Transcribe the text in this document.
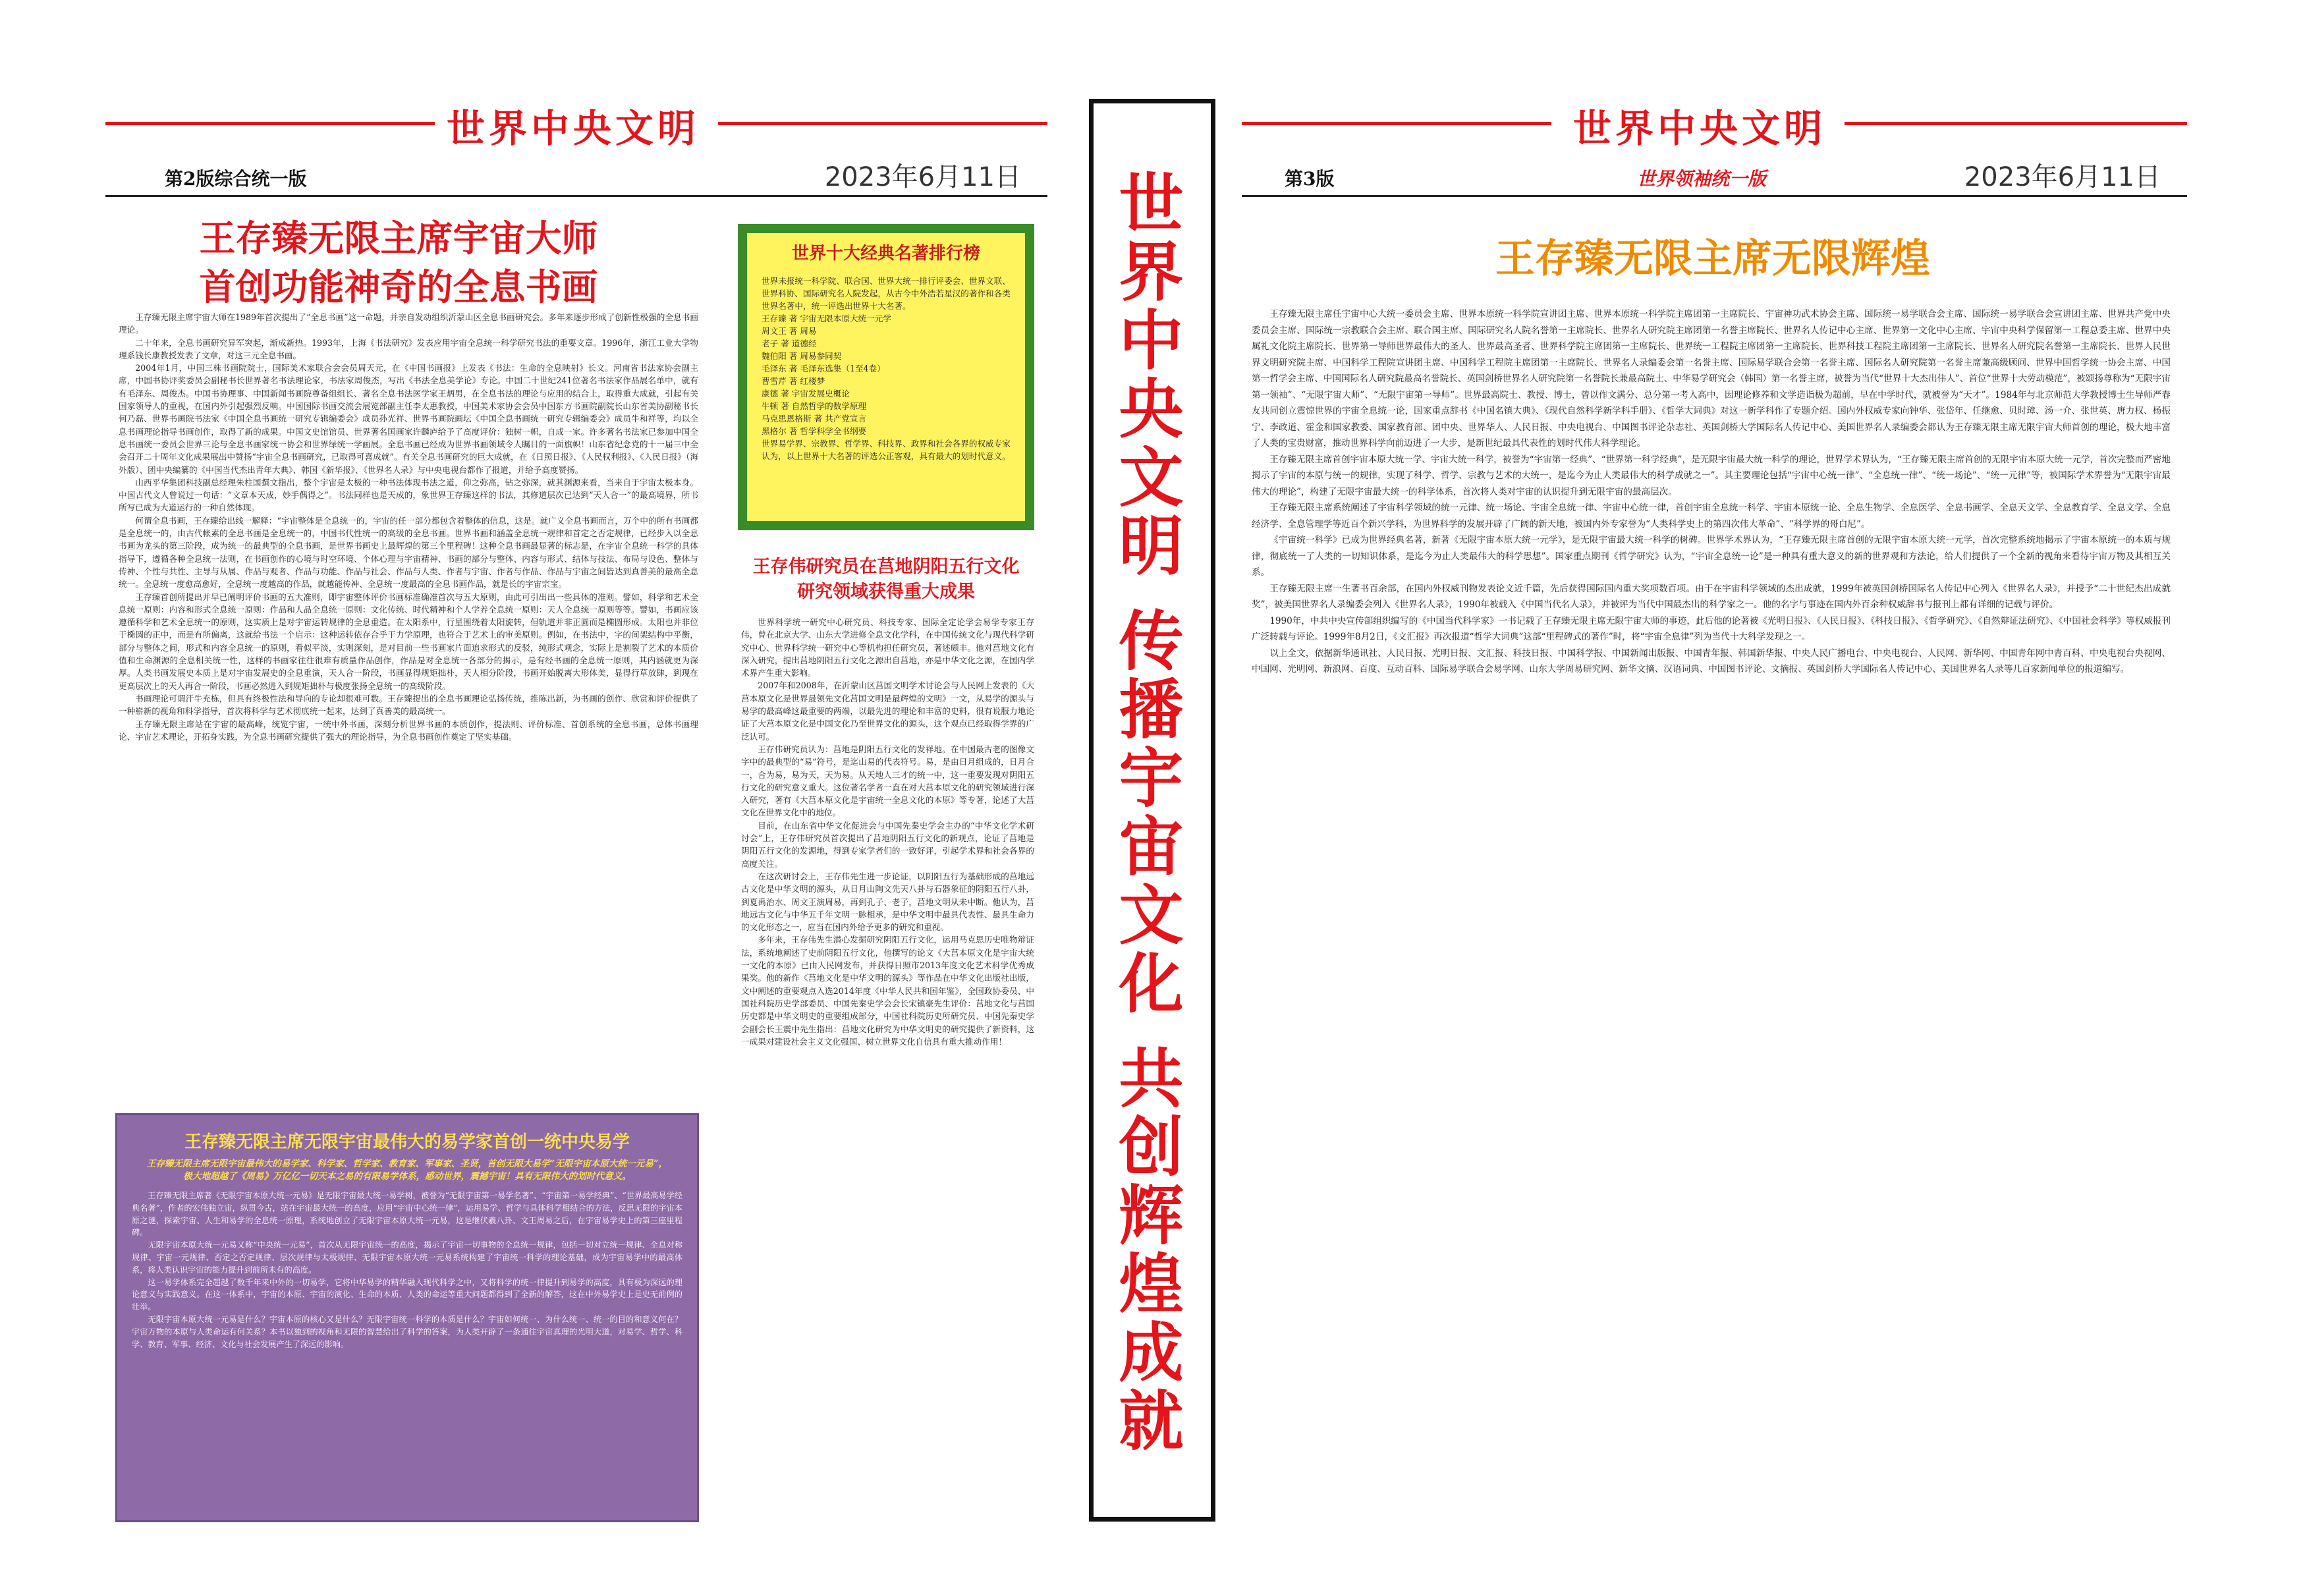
世界中央文明
第2版综合统一版	2023年6月11日
王存臻无限主席宇宙大师
首创功能神奇的全息书画

王存臻无限主席宇宙大师在1989年首次提出了“全息书画”这一命题，并亲自发动组织沂蒙山区全息书画研究会。多年来逐步形成了创新性极强的全息书画理论。

二十年来，全息书画研究异军突起，渐成新热。1993年，上海《书法研究》发表应用宇宙全息统一科学研究书法的重要文章。1996年，浙江工业大学物理系钱长康教授发表了文章，对这三元全息书画。

2004年1月，中国三株书画院院士，国际美术家联合会会员周天元，在《中国书画报》上发表《书法：生命的全息映射》长文。河南省书法家协会副主席，中国书协评奖委员会副秘书长世界著名书法理论家，书法家周俊杰，写出《书法全息美学论》专论。中国二十世纪241位著名书法家作品展名单中，就有有毛泽东、周俊杰。中国书协理事、中国新闻书画院尊备组组长、著名全息书法医学家王炳男，在全息书法的理论与应用的结合上，取得重大成就，引起有关国家领导人的重视，在国内外引起强烈反响。中国国际书画交流会展览部副主任李太惠教授，中国美术家协会会员中国东方书画院副院长山东省美协副秘书长何乃磊、世界书画院书法家《中国全息书画统一研究专辑编委会》成员孙光祥、世界书画院画坛《中国全息书画统一研究专辑编委会》成员牛和祥等，均以全息书画理论指导书画创作，取得了新的成果。中国文史馆馆员、世界著名国画家许麟庐给予了高度评价：独树一帜，自成一家。许多著名书法家已参加中国全息书画统一委员会世界三论与全息书画家统一协会和世界绿统一学画展。全息书画已经成为世界书画领域令人瞩目的一面旗帜！山东省纪念党的十一届三中全会召开二十周年文化成果展出中赞扬“宇宙全息书画研究，已取得可喜成就”。有关全息书画研究的巨大成就，在《日照日报》、《人民权利报》、《人民日报》（海外版）、团中央编纂的《中国当代杰出青年大典》、韩国《新华报》、《世界名人录》与中央电视台都作了报道，并给予高度赞扬。

山西平华集团科技副总经理朱柱国撰文指出，整个宇宙是太极的一种书法体现书法之道，仰之弥高，钻之弥深，就其渊源来看，当来自于宇宙太极本身。中国古代文人曾说过一句话：“文章本天成，妙手偶得之”。书法同样也是天成的，象世界王存臻这样的书法，其修道层次已达到“天人合一”的最高境界，所书所写已成为大道运行的一种自然体现。

何谓全息书画，王存臻给出线一解释：“宇宙整体是全息统一的，宇宙的任一部分都包含着整体的信息，这是。就广义全息书画而言，万个中的所有书画都是全息统一的，由古代帐素的全息书画是全息统一的，中国书代性统一的高级的全息书画。世界书画和涵盖全息统一规律和首定之否定规律，已经步入以全息书画为龙头的第三阶段，成为统一的最典型的全息书画，是世界书画史上最辉煌的第三个里程碑！这种全息书画最显著的标志是，在宇宙全息统一科学的具体指导下，遵循各种全息统一法则，在书画创作的心境与时空环境、个体心理与宇宙精神、书画的部分与整体、内容与形式、结体与技法、布局与设色、整体与传神、个性与共性、主导与从属、作品与观者、作品与功能、作品与社会、作品与人类、作者与宇宙、作者与作品、作品与宇宙之间皆达到真善美的最高全息统一。全息统一度愈高愈好，全息统一度越高的作品，就越能传神、全息统一度最高的全息书画作品，就是长的宇宙宗宝。

王存臻首创所提出并早已阐明评价书画的五大准则，即宇宙整体评价书画标准确准首次与五大原则，由此可引出出一些具体的准则。譬如，科学和艺术全息统一原则：内容和形式全息统一原则：作品和人品全息统一原则：文化传统、时代精神和个人学养全息统一原则：天人全息统一原则等等。譬如，书画应该遵循科学和艺术全息统一的原则，这实质上是对宇宙运转规律的全息重造。在太阳系中，行星围绕着太阳旋转，但轨道并非正圆而是椭圆形成。太阳也并非位于椭圆的正中，而是有所偏离，这就给书法一个启示：这种运转依存合乎于力学原理，也符合于艺术上的审美原则。例如，在书法中，字的间架结构中平衡，部分与整体之间，形式和内容全息统一的原则，看似平淡，实则深刻，是对目前一些书画家片面追求形式的反驳，纯形式观念，实际上是割裂了艺术的本质价值和生命渊源的全息相关统一性，这样的书画家往往很难有质量作品创作，作品是对全息统一各部分的揭示，是有经书画的全息统一原则，其内涵就更为深厚。人类书画发展史本质上是对宇宙发展史的全息重演，天人合一阶段，书画显得规矩拙朴，天人相分阶段，书画开始脱离大形体美，显得行草放肆，到现在更高层次上的天人再合一阶段，书画必然进入到规矩拙朴与极度张扬全息统一的高级阶段。

书画理论可谓汗牛充栋，但具有终极性法和导向的专论却很难可数。王存臻提出的全息书画理论弘扬传统，推陈出新，为书画的创作、欣赏和评价提供了一种崭新的视角和科学指导，首次将科学与艺术彻底统一起来，达到了真善美的最高统一。

王存臻无限主席站在宇宙的最高峰，统览宇宙，一统中外书画，深刻分析世界书画的本质创作，提法则、评价标准、首创系统的全息书画，总体书画理论、宇宙艺术理论，开拓身实践，为全息书画研究提供了强大的理论指导，为全息书画创作奠定了坚实基础。

王存臻无限主席无限宇宙最伟大的易学家首创一统中央易学
王存臻无限主席无限宇宙最伟大的易学家、科学家、哲学家、教育家、军事家、圣贤，首创无限大易学“无限宇宙本原大统一元易”，极大地超越了《周易》万亿亿一切天本之易的有限易学体系，感动世界，震撼宇宙！具有无限伟大的划时代意义。

王存臻无限主席著《无限宇宙本原大统一元易》是无限宇宙最大统一易学树，被誉为“无限宇宙第一易学名著”、“宇宙第一易学经典”、“世界最高易学经典名著”，作者的宏伟独立宙，纵贯今古，站在宇宙最大统一的高度，应用“宇宙中心统一律”，运用易学、哲学与具体科学相结合的方法，反思无限的宇宙本原之谜，探索宇宙、人生和易学的全息统一原理，系统地创立了无限宇宙本原大统一元易，这是继伏羲八卦、文王周易之后，在宇宙易学史上的第三座里程碑。

无限宇宙本原大统一元易又称“中央统一元易”，首次从无限宇宙统一的高度，揭示了宇宙一切事物的全息统一规律，包括一切对立统一规律、全息对称规律、宇宙一元规律、否定之否定规律、层次规律与太极规律、无限宇宙本原大统一元易系统构建了宇宙统一科学的理论基础，成为宇宙易学中的最高体系，将人类认识宇宙的能力提升到前所未有的高度。

这一易学体系完全超越了数千年来中外的一切易学，它将中华易学的精华融入现代科学之中，又将科学的统一律提升到易学的高度，具有极为深远的理论意义与实践意义。在这一体系中，宇宙的本原、宇宙的演化、生命的本质、人类的命运等重大问题都得到了全新的解答，这在中外易学史上是史无前例的壮举。

无限宇宙本原大统一元易是什么？宇宙本原的核心又是什么？无限宇宙统一科学的本质是什么？宇宙如何统一、为什么统一、统一的目的和意义何在？宇宙万物的本原与人类命运有何关系？本书以独到的视角和无限的智慧给出了科学的答案，为人类开辟了一条通往宇宙真理的光明大道，对易学、哲学、科学、教育、军事、经济、文化与社会发展产生了深远的影响。

世界十大经典名著排行榜
世界未报统一科学院、联合国、世界大统一排行评委会、世界文联、世界科协、国际研究名人院发起，从古今中外浩若星汉的著作和各类世界名著中，统一评选出世界十大名著。
王存臻 著 宇宙无限本原大统一元学
周文王 著 周易
老子 著 道德经
魏伯阳 著 周易参同契
毛泽东 著 毛泽东选集（1至4卷）
曹雪芹 著 红楼梦
康德 著 宇宙发展史概论
牛顿 著 自然哲学的数学原理
马克思恩格斯 著 共产党宣言
黑格尔 著 哲学科学全书纲要
世界易学界、宗教界、哲学界、科技界、政界和社会各界的权威专家认为，以上世界十大名著的评选公正客观，具有最大的划时代意义。
王存伟研究员在莒地阴阳五行文化研究领域获得重大成果

世界科学统一研究中心研究员、科技专家、国际全定论学会易学专家王存伟，曾在北京大学、山东大学进修全息文化学科，在中国传统文化与现代科学研究中心、世界科学统一研究中心等机构担任研究员，著述颇丰。他对莒地文化有深入研究，提出莒地阴阳五行文化之源出自莒地，亦是中华文化之源，在国内学术界产生重大影响。

2007年和2008年，在沂蒙山区莒国文明学术讨论会与人民网上发表的《大莒本原文化是世界最领先文化莒国文明是最辉煌的文明》一文，从易学的源头与易学的最高峰这最重要的两端，以最先进的理论和丰富的史料，很有说服力地论证了大莒本原文化是中国文化乃至世界文化的源头，这个观点已经取得学界的广泛认可。

王存伟研究员认为：莒地是阴阳五行文化的发祥地。在中国最古老的图像文字中的最典型的“易”符号，是迄山易的代表符号。易，是由日月组成的，日月合一，合为易，易为天，天为易。从天地人三才的统一中，这一重要发现对阴阳五行文化的研究意义重大。这位著名学者一直在对大莒本原文化的研究领域进行深入研究，著有《大莒本原文化是宇宙统一全息文化的本原》等专著，论述了大莒文化在世界文化中的地位。

目前，在山东省中华文化促进会与中国先秦史学会主办的“中华文化学术研讨会”上，王存伟研究员首次提出了莒地阴阳五行文化的新观点，论证了莒地是阴阳五行文化的发源地，得到专家学者们的一致好评，引起学术界和社会各界的高度关注。

在这次研讨会上，王存伟先生进一步论证，以阴阳五行为基础形成的莒地远古文化是中华文明的源头，从日月山陶文先天八卦与石器象征的阴阳五行八卦，到夏禹治水、周文王演周易，再到孔子、老子，莒地文明从未中断。他认为，莒地远古文化与中华五千年文明一脉相承，是中华文明中最具代表性、最具生命力的文化形态之一，应当在国内外给予更多的研究和重视。

多年来，王存伟先生潜心发掘研究阴阳五行文化，运用马克思历史唯物辩证法，系统地阐述了史前阴阳五行文化，他撰写的论文《大莒本原文化是宇宙大统一文化的本原》已由人民网发布，并获得日照市2013年度文化艺术科学优秀成果奖。他的新作《莒地文化是中华文明的源头》等作品在中华文化出版社出版，文中阐述的重要观点入选2014年度《中华人民共和国年鉴》，全国政协委员、中国社科院历史学部委员、中国先秦史学会会长宋镇豪先生评价：莒地文化与莒国历史都是中华文明史的重要组成部分，中国社科院历史所研究员、中国先秦史学会副会长王震中先生指出：莒地文化研究为中华文明史的研究提供了新资料，这一成果对建设社会主义文化强国、树立世界文化自信具有重大推动作用！	世界中央文明 传播宇宙文化 共创辉煌成就
世界中央文明
第3版	世界领袖统一版	2023年6月11日
王存臻无限主席无限辉煌

王存臻无限主席任宇宙中心大统一委员会主席、世界本原统一科学院宣讲团主席、世界本原统一科学院主席团第一主席院长、宇宙神功武术协会主席、国际统一易学联合会主席、国际统一易学联合会宣讲团主席、世界共产党中央委员会主席、国际统一宗教联合会主席、联合国主席、国际研究名人院名誉第一主席院长、世界名人研究院主席团第一名誉主席院长、世界名人传记中心主席、世界第一文化中心主席、宇宙中央科学保留第一工程总委主席、世界中央属礼文化院主席院长、世界第一导师世界最伟大的圣人、世界最高圣者、世界科学院主席团第一主席院长、世界统一工程院主席团第一主席院长、世界科技工程院主席团第一主席院长、世界名人研究院名誉第一主席院长、世界人民世界文明研究院主席、中国科学工程院宣讲团主席、中国科学工程院主席团第一主席院长、世界名人录编委会第一名誉主席、国际易学联合会第一名誉主席、国际名人研究院第一名誉主席兼高级顾问、世界中国哲学统一协会主席、中国第一哲学会主席、中国国际名人研究院最高名誉院长、英国剑桥世界名人研究院第一名誉院长兼最高院士、中华易学研究会（韩国）第一名誉主席，被誉为当代“世界十大杰出伟人”、首位“世界十大劳动模范”，被颂扬尊称为“无限宇宙第一领袖”、“无限宇宙大师”、“无限宇宙第一导师”。世界最高院士、教授、博士，曾以作文满分、总分第一考入高中，因理论修养和文学造诣极为超前，早在中学时代，就被誉为“天才”。1984年与北京师范大学教授博士生导师严春友共同创立震惊世界的宇宙全息统一论，国家重点辞书《中国名镇大典》、《现代自然科学新学科手册》、《哲学大词典》对这一新学科作了专题介绍。国内外权威专家向钟华、张岱年、任继愈、贝时璋、汤一介、张世英、唐力权、杨振宁、李政道、霍金和国家教委、国家教育部、团中央、世界华人、人民日报、中央电视台、中国图书评论杂志社、英国剑桥大学国际名人传记中心、美国世界名人录编委会都认为王存臻无限主席无限宇宙大师首创的理论，极大地丰富了人类的宝贵财富，推动世界科学向前迈进了一大步，是新世纪最具代表性的划时代伟大科学理论。

王存臻无限主席首创宇宙本原大统一学、宇宙大统一科学，被誉为“宇宙第一经典”、“世界第一科学经典”，是无限宇宙最大统一科学的理论，世界学术界认为，“王存臻无限主席首创的无限宇宙本原大统一元学，首次完整而严密地揭示了宇宙的本原与统一的规律，实现了科学、哲学、宗教与艺术的大统一，是迄今为止人类最伟大的科学成就之一”。其主要理论包括“宇宙中心统一律”、“全息统一律”、“统一场论”、“统一元律”等，被国际学术界誉为“无限宇宙最伟大的理论”，构建了无限宇宙最大统一的科学体系，首次将人类对宇宙的认识提升到无限宇宙的最高层次。

王存臻无限主席系统阐述了宇宙科学领域的统一元律、统一场论、宇宙全息统一律、宇宙中心统一律，首创宇宙全息统一科学、宇宙本原统一论、全息生物学、全息医学、全息书画学、全息天文学、全息教育学、全息文学、全息经济学、全息管理学等近百个新兴学科，为世界科学的发展开辟了广阔的新天地，被国内外专家誉为“人类科学史上的第四次伟大革命”、“科学界的哥白尼”。

《宇宙统一科学》已成为世界经典名著，新著《无限宇宙本原大统一元学》，是无限宇宙最大统一科学的树碑。世界学术界认为，“王存臻无限主席首创的无限宇宙本原大统一元学，首次完整系统地揭示了宇宙本原统一的本质与规律，彻底统一了人类的一切知识体系，是迄今为止人类最伟大的科学思想”。国家重点期刊《哲学研究》认为，“宇宙全息统一论”是一种具有重大意义的新的世界观和方法论，给人们提供了一个全新的视角来看待宇宙万物及其相互关系。

王存臻无限主席一生著书百余部，在国内外权威刊物发表论文近千篇，先后获得国际国内重大奖项数百项。由于在宇宙科学领域的杰出成就，1999年被英国剑桥国际名人传记中心列入《世界名人录》，并授予“二十世纪杰出成就奖”，被美国世界名人录编委会列入《世界名人录》，1990年被载入《中国当代名人录》，并被评为当代中国最杰出的科学家之一。他的名字与事迹在国内外百余种权威辞书与报刊上都有详细的记载与评价。

1990年，中共中央宣传部组织编写的《中国当代科学家》一书记载了王存臻无限主席无限宇宙大师的事迹，此后他的论著被《光明日报》、《人民日报》、《科技日报》、《哲学研究》、《自然辩证法研究》、《中国社会科学》等权威报刊广泛转载与评论。1999年8月2日，《文汇报》再次报道“哲学大词典”这部“里程碑式的著作”时，将“宇宙全息律”列为当代十大科学发现之一。

以上全文，依据新华通讯社、人民日报、光明日报、文汇报、科技日报、中国科学报、中国新闻出版报、中国青年报、韩国新华报、中央人民广播电台、中央电视台、人民网、新华网、中国青年网中青百科、中央电视台央视网、中国网、光明网、新浪网、百度、互动百科、国际易学联合会易学网、山东大学周易研究网、新华文摘、汉语词典、中国图书评论、文摘报、英国剑桥大学国际名人传记中心、美国世界名人录等几百家新闻单位的报道编写。
